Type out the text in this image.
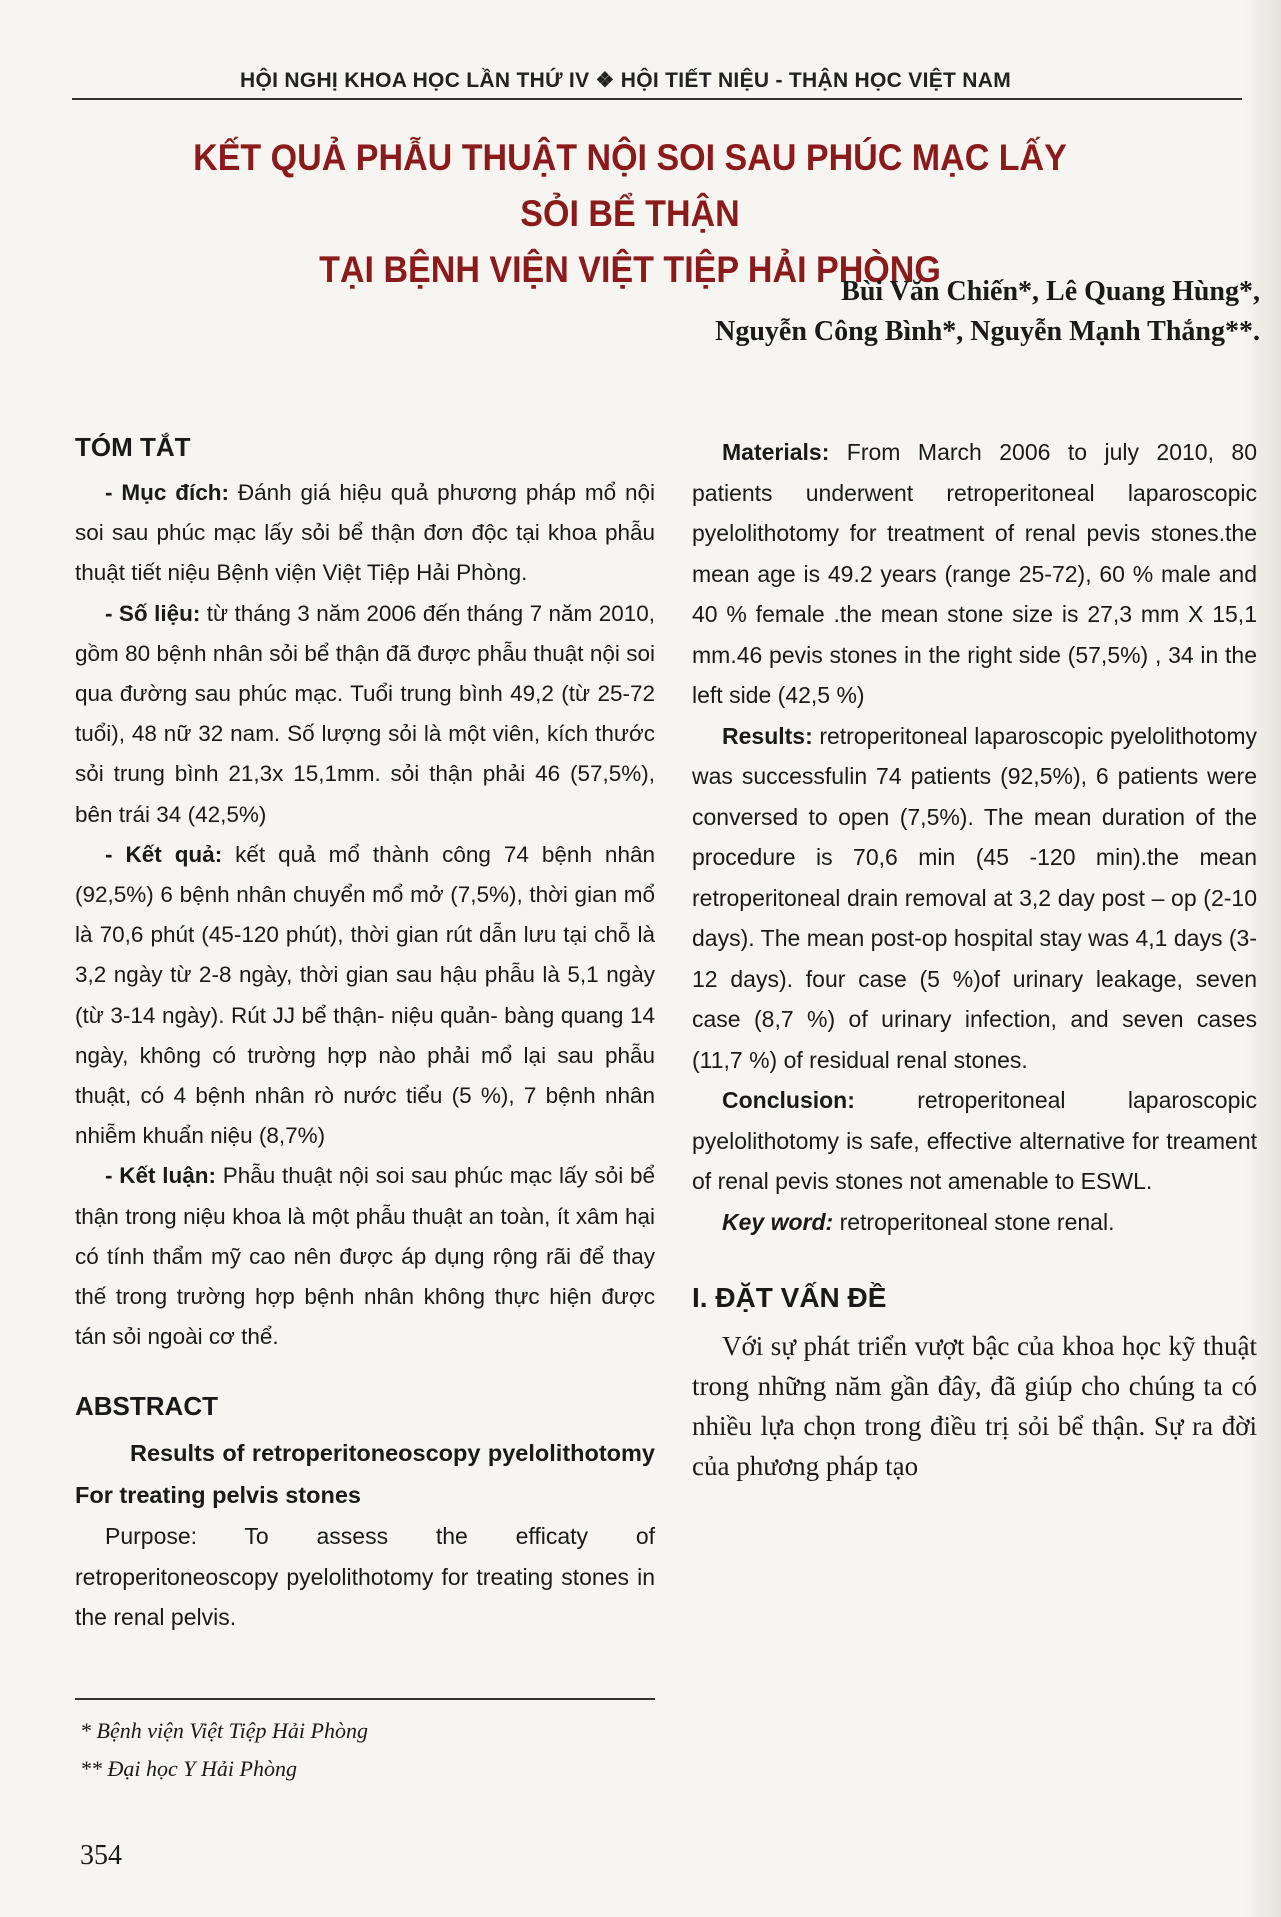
HỘI NGHỊ KHOA HỌC LẦN THỨ IV ❖ HỘI TIẾT NIỆU - THẬN HỌC VIỆT NAM
KẾT QUẢ PHẪU THUẬT NỘI SOI SAU PHÚC MẠC LẤY SỎI BỂ THẬN
TẠI BỆNH VIỆN VIỆT TIỆP HẢI PHÒNG
Bùi Văn Chiến*, Lê Quang Hùng*,
Nguyễn Công Bình*, Nguyễn Mạnh Thắng**.
TÓM TẮT

- Mục đích: Đánh giá hiệu quả phương pháp mổ nội soi sau phúc mạc lấy sỏi bể thận đơn độc tại khoa phẫu thuật tiết niệu Bệnh viện Việt Tiệp Hải Phòng.

- Số liệu: từ tháng 3 năm 2006 đến tháng 7 năm 2010, gồm 80 bệnh nhân sỏi bể thận đã được phẫu thuật nội soi qua đường sau phúc mạc. Tuổi trung bình 49,2 (từ 25-72 tuổi), 48 nữ 32 nam. Số lượng sỏi là một viên, kích thước sỏi trung bình 21,3x 15,1mm. sỏi thận phải 46 (57,5%), bên trái 34 (42,5%)

- Kết quả: kết quả mổ thành công 74 bệnh nhân (92,5%) 6 bệnh nhân chuyển mổ mở (7,5%), thời gian mổ là 70,6 phút (45-120 phút), thời gian rút dẫn lưu tại chỗ là 3,2 ngày từ 2-8 ngày, thời gian sau hậu phẫu là 5,1 ngày (từ 3-14 ngày). Rút JJ bể thận- niệu quản- bàng quang 14 ngày, không có trường hợp nào phải mổ lại sau phẫu thuật, có 4 bệnh nhân rò nước tiểu (5 %), 7 bệnh nhân nhiễm khuẩn niệu (8,7%)

- Kết luận: Phẫu thuật nội soi sau phúc mạc lấy sỏi bể thận trong niệu khoa là một phẫu thuật an toàn, ít xâm hại có tính thẩm mỹ cao nên được áp dụng rộng rãi để thay thế trong trường hợp bệnh nhân không thực hiện được tán sỏi ngoài cơ thể.

ABSTRACT

Results of retroperitoneoscopy pyelolithotomy For treating pelvis stones

Purpose: To assess the efficaty of retroperitoneoscopy pyelolithotomy for treating stones in the renal pelvis.

Materials: From March 2006 to july 2010, 80 patients underwent retroperitoneal laparoscopic pyelolithotomy for treatment of renal pevis stones.the mean age is 49.2 years (range 25-72), 60 % male and 40 % female .the mean stone size is 27,3 mm X 15,1 mm.46 pevis stones in the right side (57,5%) , 34 in the left side (42,5 %)

Results: retroperitoneal laparoscopic pyelolithotomy was successfulin 74 patients (92,5%), 6 patients were conversed to open (7,5%). The mean duration of the procedure is 70,6 min (45 -120 min).the mean retroperitoneal drain removal at 3,2 day post – op (2-10 days). The mean post-op hospital stay was 4,1 days (3-12 days). four case (5 %)of urinary leakage, seven case (8,7 %) of urinary infection, and seven cases (11,7 %) of residual renal stones.

Conclusion: retroperitoneal laparoscopic pyelolithotomy is safe, effective alternative for treament of renal pevis stones not amenable to ESWL.

Key word: retroperitoneal stone renal.

I. ĐẶT VẤN ĐỀ

Với sự phát triển vượt bậc của khoa học kỹ thuật trong những năm gần đây, đã giúp cho chúng ta có nhiều lựa chọn trong điều trị sỏi bể thận. Sự ra đời của phương pháp tạo

* Bệnh viện Việt Tiệp Hải Phòng
** Đại học Y Hải Phòng
354
